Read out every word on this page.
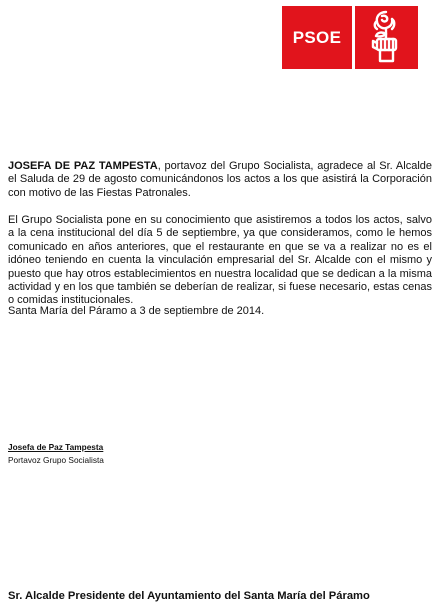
PSOE

JOSEFA DE PAZ TAMPESTA, portavoz del Grupo Socialista, agradece al Sr. Alcalde el Saluda de 29 de agosto comunicándonos los actos a los que asistirá la Corporación con motivo de las Fiestas Patronales.

El Grupo Socialista pone en su conocimiento que asistiremos a todos los actos, salvo a la cena institucional del día 5 de septiembre, ya que consideramos, como le hemos comunicado en años anteriores, que el restaurante en que se va a realizar no es el idóneo teniendo en cuenta la vinculación empresarial del Sr. Alcalde con el mismo y puesto que hay otros establecimientos en nuestra localidad que se dedican a la misma actividad y en los que también se deberían de realizar, si fuese necesario, estas cenas o comidas institucionales.

Santa María del Páramo a 3 de septiembre de 2014.

Josefa de Paz Tampesta
Portavoz Grupo Socialista
Sr. Alcalde Presidente del Ayuntamiento del Santa María del Páramo
